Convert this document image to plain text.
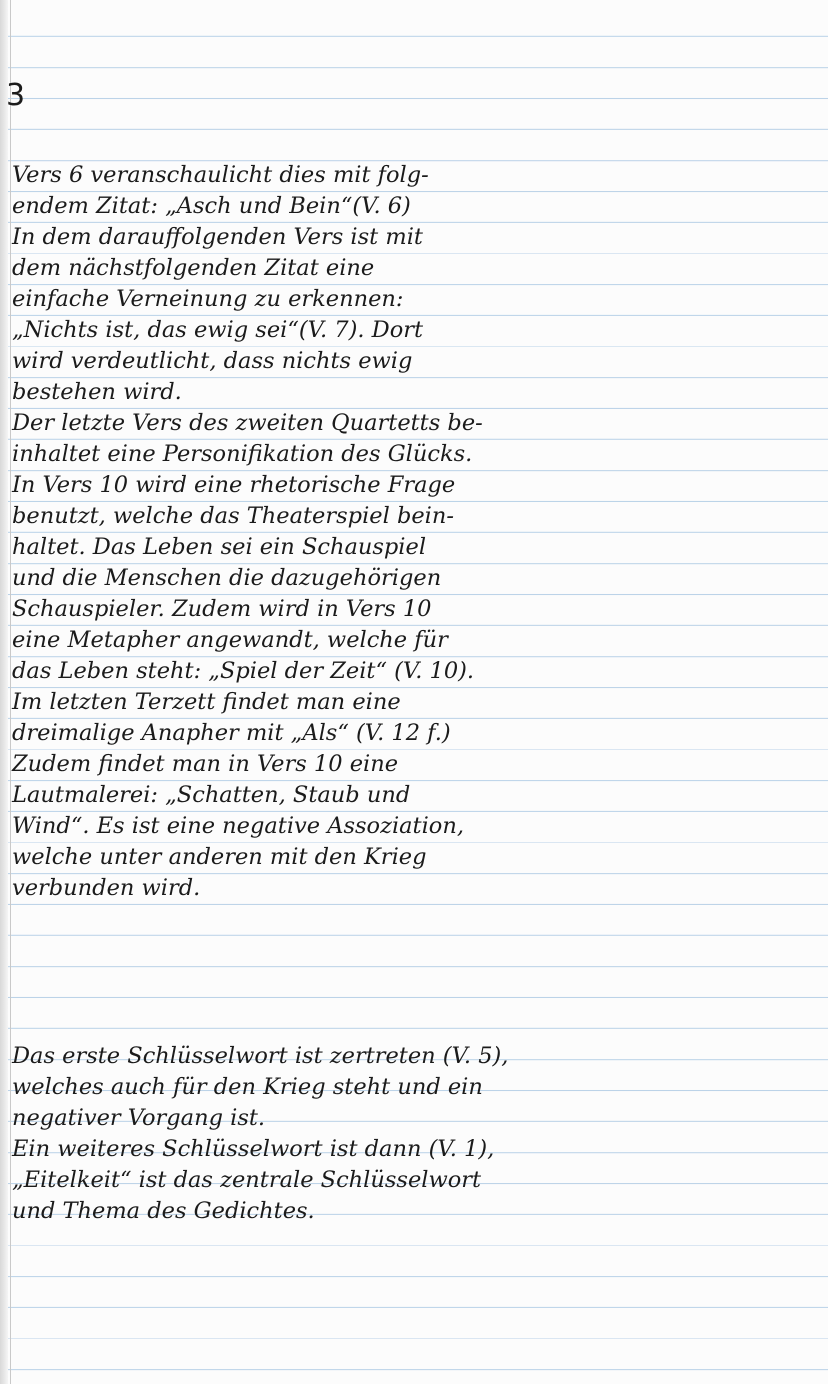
3
Vers 6 veranschaulicht dies mit folg-
endem Zitat: „Asch und Bein“(V. 6)
In dem darauffolgenden Vers ist mit
dem nächstfolgenden Zitat eine
einfache Verneinung zu erkennen:
„Nichts ist, das ewig sei“(V. 7). Dort
wird verdeutlicht, dass nichts ewig
bestehen wird.
Der letzte Vers des zweiten Quartetts be-
inhaltet eine Personifikation des Glücks.
In Vers 10 wird eine rhetorische Frage
benutzt, welche das Theaterspiel bein-
haltet. Das Leben sei ein Schauspiel
und die Menschen die dazugehörigen
Schauspieler. Zudem wird in Vers 10
eine Metapher angewandt, welche für
das Leben steht: „Spiel der Zeit“ (V. 10).
Im letzten Terzett findet man eine
dreimalige Anapher mit „Als“ (V. 12 f.)
Zudem findet man in Vers 10 eine
Lautmalerei: „Schatten, Staub und
Wind“. Es ist eine negative Assoziation,
welche unter anderen mit den Krieg
verbunden wird.
Das erste Schlüsselwort ist zertreten (V. 5),
welches auch für den Krieg steht und ein
negativer Vorgang ist.
Ein weiteres Schlüsselwort ist dann (V. 1),
„Eitelkeit“ ist das zentrale Schlüsselwort
und Thema des Gedichtes.
